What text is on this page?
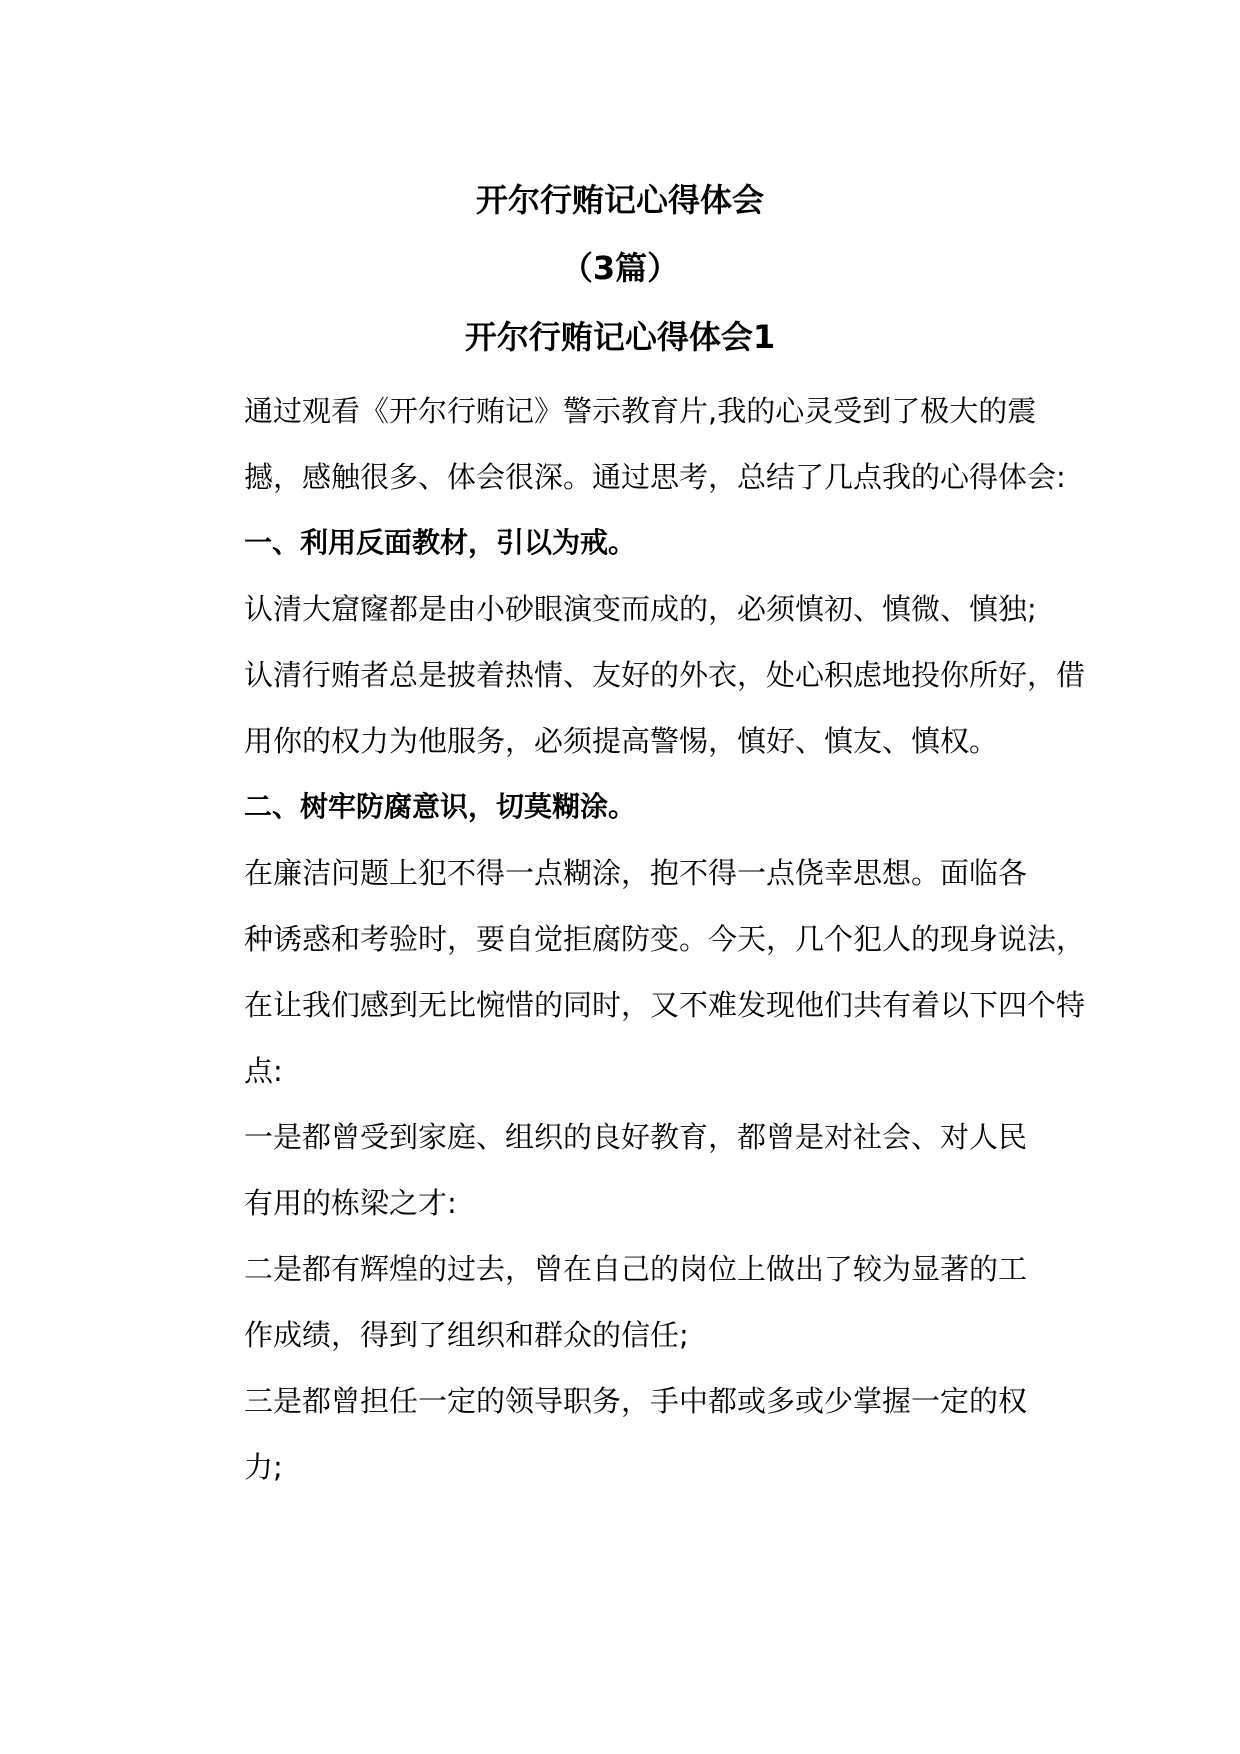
开尔行贿记心得体会
（3篇）
开尔行贿记心得体会1

通过观看《开尔行贿记》警示教育片,我的心灵受到了极大的震
撼，感触很多、体会很深。通过思考，总结了几点我的心得体会:

一、利用反面教材，引以为戒。

认清大窟窿都是由小砂眼演变而成的，必须慎初、慎微、慎独;
认清行贿者总是披着热情、友好的外衣，处心积虑地投你所好，借
用你的权力为他服务，必须提高警惕，慎好、慎友、慎权。

二、树牢防腐意识，切莫糊涂。

在廉洁问题上犯不得一点糊涂，抱不得一点侥幸思想。面临各
种诱惑和考验时，要自觉拒腐防变。今天，几个犯人的现身说法，
在让我们感到无比惋惜的同时，又不难发现他们共有着以下四个特
点:

一是都曾受到家庭、组织的良好教育，都曾是对社会、对人民
有用的栋梁之才:

二是都有辉煌的过去，曾在自己的岗位上做出了较为显著的工
作成绩，得到了组织和群众的信任;

三是都曾担任一定的领导职务，手中都或多或少掌握一定的权
力;
